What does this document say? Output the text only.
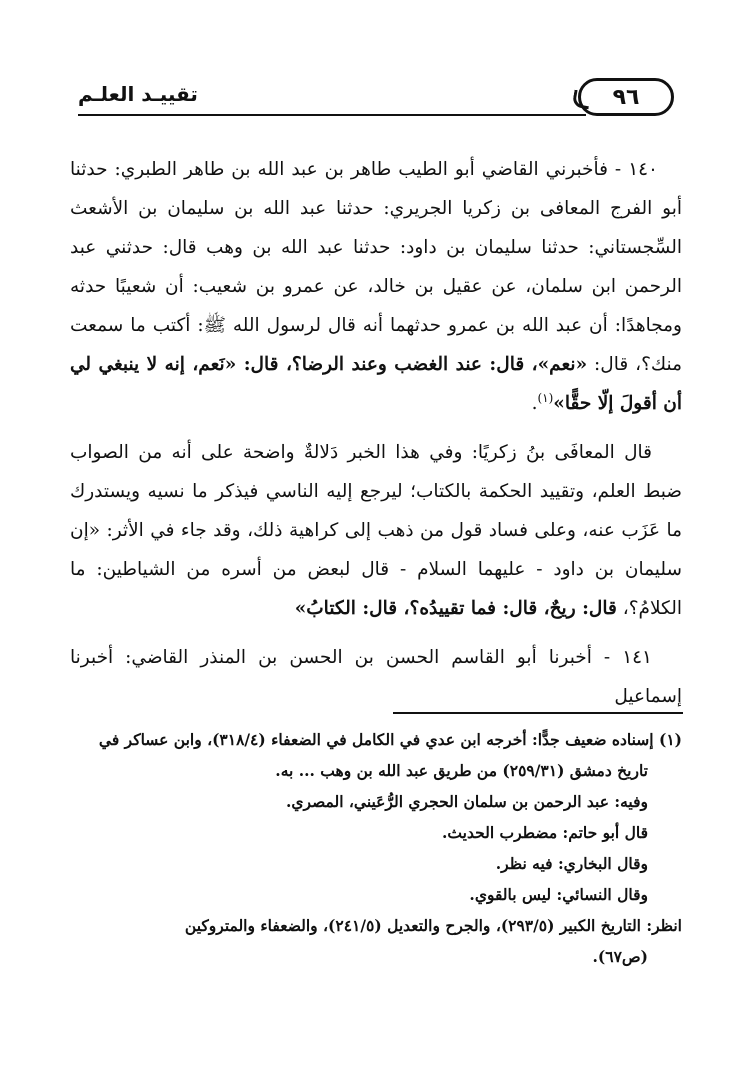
٩٦
تقييـد العلـم

١٤٠ - فأخبرني القاضي أبو الطيب طاهر بن عبد الله بن طاهر الطبري: حدثنا أبو الفرج المعافى بن زكريا الجريري: حدثنا عبد الله بن سليمان بن الأشعث السِّجستاني: حدثنا سليمان بن داود: حدثنا عبد الله بن وهب قال: حدثني عبد الرحمن ابن سلمان، عن عقيل بن خالد، عن عمرو بن شعيب: أن شعيبًا حدثه ومجاهدًا: أن عبد الله بن عمرو حدثهما أنه قال لرسول الله ﷺ: أكتب ما سمعت منك؟، قال: «نعم»، قال: عند الغضب وعند الرضا؟، قال: «نَعم، إنه لا ينبغي لي أن أقولَ إلّا حقًّا»$^{(١)}$.

قال المعافَى بنُ زكريًا: وفي هذا الخبر دَلالةٌ واضحة على أنه من الصواب ضبط العلم، وتقييد الحكمة بالكتاب؛ ليرجع إليه الناسي فيذكر ما نسيه ويستدرك ما عَزَب عنه، وعلى فساد قول من ذهب إلى كراهية ذلك، وقد جاء في الأثر: «إن سليمان بن داود - عليهما السلام - قال لبعض من أسره من الشياطين: ما الكلامُ؟، قال: ريحٌ، قال: فما تقييدُه؟، قال: الكتابُ»

١٤١ - أخبرنا أبو القاسم الحسن بن الحسن بن المنذر القاضي: أخبرنا إسماعيل

(١) إسناده ضعيف جدًّا: أخرجه ابن عدي في الكامل في الضعفاء (٣١٨/٤)، وابن عساكر في
تاريخ دمشق (٢٥٩/٣١) من طريق عبد الله بن وهب ... به.
وفيه: عبد الرحمن بن سلمان الحجري الرُّعَيني، المصري.
قال أبو حاتم: مضطرب الحديث.
وقال البخاري: فيه نظر.
وقال النسائي: ليس بالقوي.
انظر: التاريخ الكبير (٢٩٣/٥)، والجرح والتعديل (٢٤١/٥)، والضعفاء والمتروكين
(ص٦٧).
